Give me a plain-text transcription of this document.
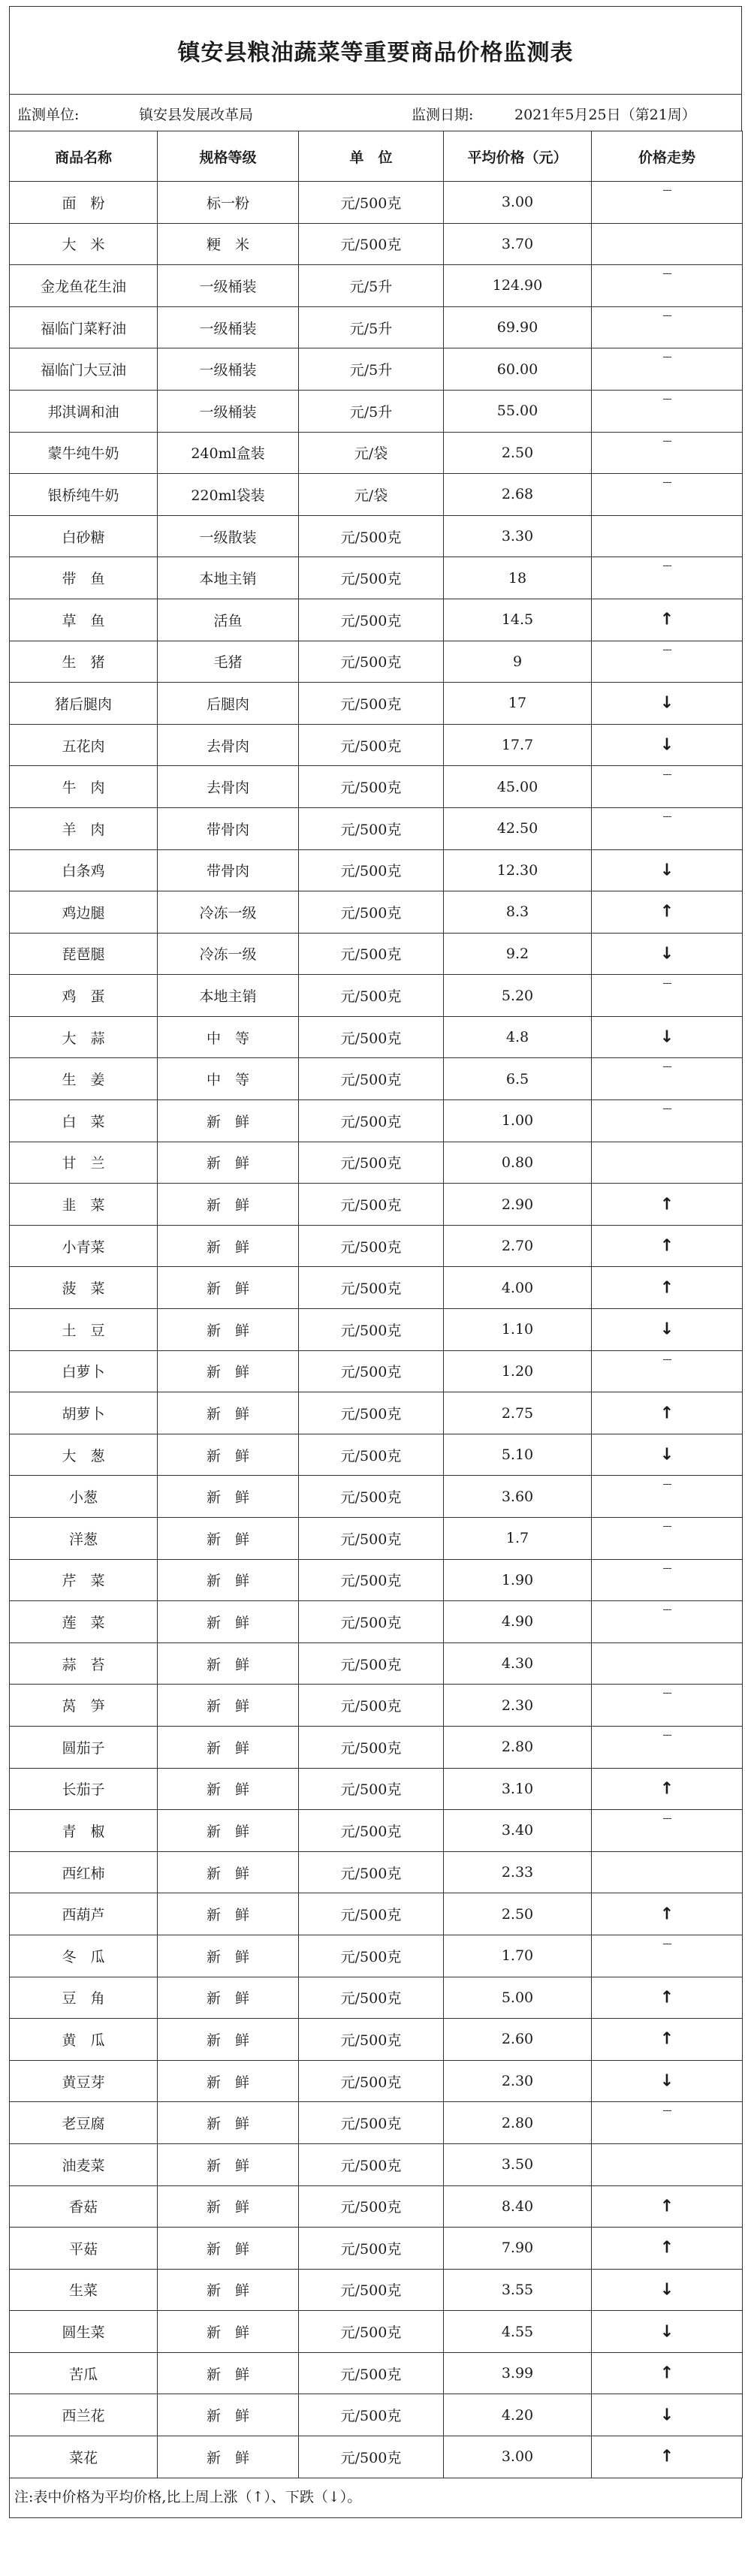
镇安县粮油蔬菜等重要商品价格监测表
监测单位:	镇安县发展改革局	监测日期:	2021年5月25日（第21周）
商品名称	规格等级	单　位	平均价格（元）	价格走势
面　粉	标一粉	元/500克	3.00	---

大　米	粳　米	元/500克	3.70	
金龙鱼花生油	一级桶装	元/5升	124.90	---

福临门菜籽油	一级桶装	元/5升	69.90	---

福临门大豆油	一级桶装	元/5升	60.00	---

邦淇调和油	一级桶装	元/5升	55.00	---

蒙牛纯牛奶	240ml盒装	元/袋	2.50	---

银桥纯牛奶	220ml袋装	元/袋	2.68	---

白砂糖	一级散装	元/500克	3.30	
带　鱼	本地主销	元/500克	18	---

草　鱼	活鱼	元/500克	14.5	↑

生　猪	毛猪	元/500克	9	---

猪后腿肉	后腿肉	元/500克	17	↓

五花肉	去骨肉	元/500克	17.7	↓

牛　肉	去骨肉	元/500克	45.00	---

羊　肉	带骨肉	元/500克	42.50	---

白条鸡	带骨肉	元/500克	12.30	↓

鸡边腿	冷冻一级	元/500克	8.3	↑

琵琶腿	冷冻一级	元/500克	9.2	↓

鸡　蛋	本地主销	元/500克	5.20	---

大　蒜	中　等	元/500克	4.8	↓

生　姜	中　等	元/500克	6.5	---

白　菜	新　鲜	元/500克	1.00	---

甘　兰	新　鲜	元/500克	0.80	
韭　菜	新　鲜	元/500克	2.90	↑

小青菜	新　鲜	元/500克	2.70	↑

菠　菜	新　鲜	元/500克	4.00	↑

土　豆	新　鲜	元/500克	1.10	↓

白萝卜	新　鲜	元/500克	1.20	---

胡萝卜	新　鲜	元/500克	2.75	↑

大　葱	新　鲜	元/500克	5.10	↓

小葱	新　鲜	元/500克	3.60	---

洋葱	新　鲜	元/500克	1.7	---

芹　菜	新　鲜	元/500克	1.90	---

莲　菜	新　鲜	元/500克	4.90	---

蒜　苔	新　鲜	元/500克	4.30	
莴　笋	新　鲜	元/500克	2.30	---

圆茄子	新　鲜	元/500克	2.80	---

长茄子	新　鲜	元/500克	3.10	↑

青　椒	新　鲜	元/500克	3.40	---

西红柿	新　鲜	元/500克	2.33	
西葫芦	新　鲜	元/500克	2.50	↑

冬　瓜	新　鲜	元/500克	1.70	---

豆　角	新　鲜	元/500克	5.00	↑

黄　瓜	新　鲜	元/500克	2.60	↑

黄豆芽	新　鲜	元/500克	2.30	↓

老豆腐	新　鲜	元/500克	2.80	---

油麦菜	新　鲜	元/500克	3.50	
香菇	新　鲜	元/500克	8.40	↑

平菇	新　鲜	元/500克	7.90	↑

生菜	新　鲜	元/500克	3.55	↓

圆生菜	新　鲜	元/500克	4.55	↓

苦瓜	新　鲜	元/500克	3.99	↑

西兰花	新　鲜	元/500克	4.20	↓

菜花	新　鲜	元/500克	3.00	↑
注:表中价格为平均价格,比上周上涨（↑）、下跌（↓）。
